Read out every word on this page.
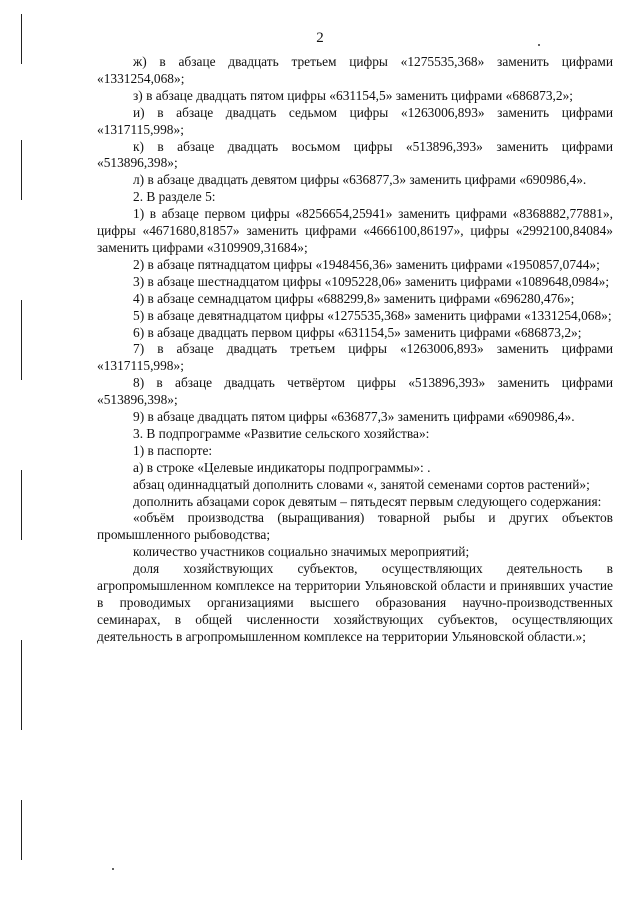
2

ж) в абзаце двадцать третьем цифры «1275535,368» заменить цифрами «1331254,068»;

з) в абзаце двадцать пятом цифры «631154,5» заменить цифрами «686873,2»;

и) в абзаце двадцать седьмом цифры «1263006,893» заменить цифрами «1317115,998»;

к) в абзаце двадцать восьмом цифры «513896,393» заменить цифрами «513896,398»;

л) в абзаце двадцать девятом цифры «636877,3» заменить цифрами «690986,4».

2. В разделе 5:

1) в абзаце первом цифры «8256654,25941» заменить цифрами «8368882,77881», цифры «4671680,81857» заменить цифрами «4666100,86197», цифры «2992100,84084» заменить цифрами «3109909,31684»;

2) в абзаце пятнадцатом цифры «1948456,36» заменить цифрами «1950857,0744»;

3) в абзаце шестнадцатом цифры «1095228,06» заменить цифрами «1089648,0984»;

4) в абзаце семнадцатом цифры «688299,8» заменить цифрами «696280,476»;

5) в абзаце девятнадцатом цифры «1275535,368» заменить цифрами «1331254,068»;

6) в абзаце двадцать первом цифры «631154,5» заменить цифрами «686873,2»;

7) в абзаце двадцать третьем цифры «1263006,893» заменить цифрами «1317115,998»;

8) в абзаце двадцать четвёртом цифры «513896,393» заменить цифрами «513896,398»;

9) в абзаце двадцать пятом цифры «636877,3» заменить цифрами «690986,4».

3. В подпрограмме «Развитие сельского хозяйства»:

1) в паспорте:

а) в строке «Целевые индикаторы подпрограммы»: .

абзац одиннадцатый дополнить словами «, занятой семенами сортов растений»;

дополнить абзацами сорок девятым – пятьдесят первым следующего содержания:

«объём производства (выращивания) товарной рыбы и других объектов промышленного рыбоводства;

количество участников социально значимых мероприятий;

доля хозяйствующих субъектов, осуществляющих деятельность в агропромышленном комплексе на территории Ульяновской области и принявших участие в проводимых организациями высшего образования научно-производственных семинарах, в общей численности хозяйствующих субъектов, осуществляющих деятельность в агропромышленном комплексе на территории Ульяновской области.»;
